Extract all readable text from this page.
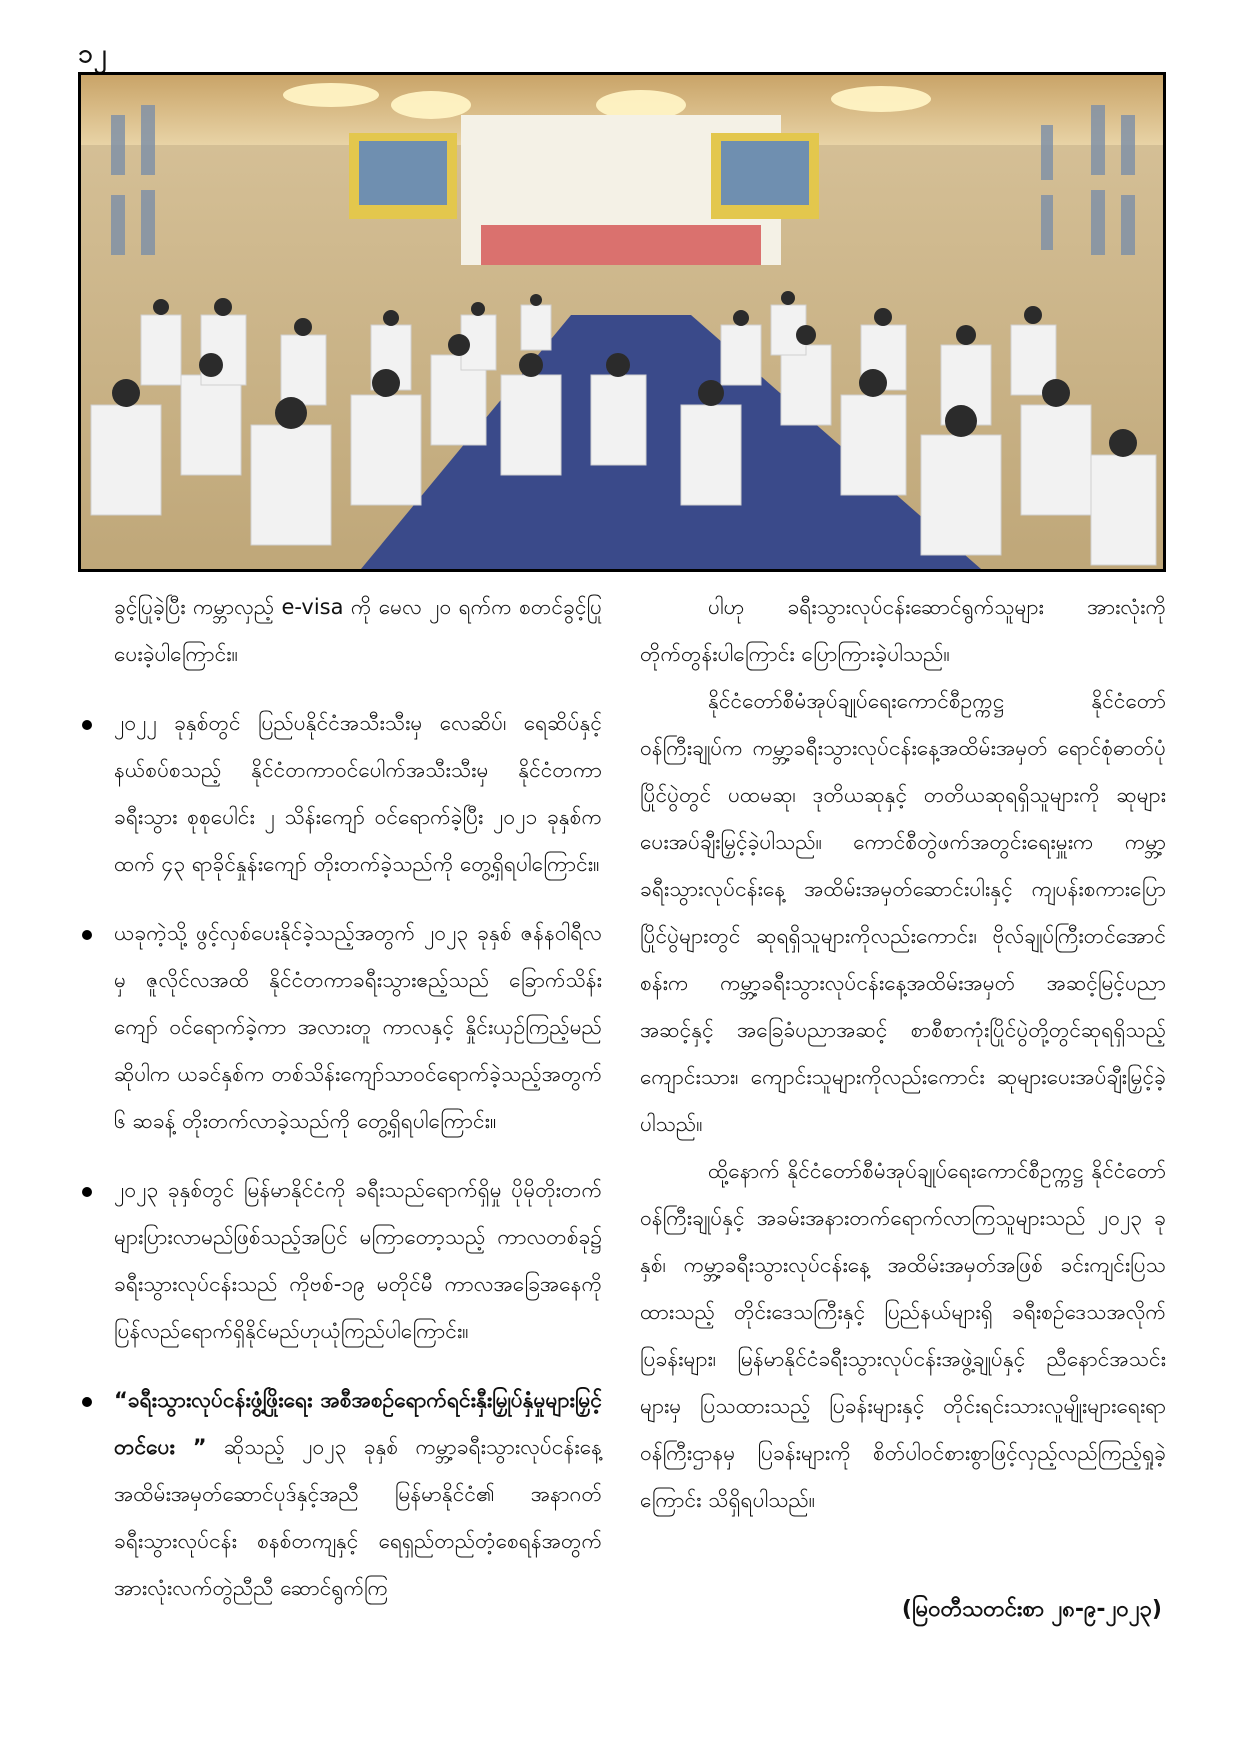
၁၂

ခွင့်ပြုခဲ့ပြီး ကမ္ဘာလှည့် e-visa ကို မေလ ၂၀ ရက်က စတင်ခွင့်ပြုပေးခဲ့ပါကြောင်း။

၂၀၂၂ ခုနှစ်တွင် ပြည်ပနိုင်ငံအသီးသီးမှ လေဆိပ်၊ ရေဆိပ်နှင့် နယ်စပ်စသည့် နိုင်ငံတကာဝင်ပေါက်အသီးသီးမှ နိုင်ငံတကာခရီးသွား စုစုပေါင်း ၂ သိန်းကျော် ဝင်ရောက်ခဲ့ပြီး ၂၀၂၁ ခုနှစ်ကထက် ၄၃ ရာခိုင်နှုန်းကျော် တိုးတက်ခဲ့သည်ကို တွေ့ရှိရပါကြောင်း။

ယခုကဲ့သို့ ဖွင့်လှစ်ပေးနိုင်ခဲ့သည့်အတွက် ၂၀၂၃ ခုနှစ် ဇန်နဝါရီလမှ ဇူလိုင်လအထိ နိုင်ငံတကာခရီးသွားဧည့်သည် ခြောက်သိန်းကျော် ဝင်ရောက်ခဲ့ကာ အလားတူ ကာလနှင့် နှိုင်းယှဉ်ကြည့်မည်ဆိုပါက ယခင်နှစ်က တစ်သိန်းကျော်သာဝင်ရောက်ခဲ့သည့်အတွက် ၆ ဆခန့် တိုးတက်လာခဲ့သည်ကို တွေ့ရှိရပါကြောင်း။

၂၀၂၃ ခုနှစ်တွင် မြန်မာနိုင်ငံကို ခရီးသည်ရောက်ရှိမှု ပိုမိုတိုးတက်များပြားလာမည်ဖြစ်သည့်အပြင် မကြာတော့သည့် ကာလတစ်ခု၌ ခရီးသွားလုပ်ငန်းသည် ကိုဗစ်-၁၉ မတိုင်မီ ကာလအခြေအနေကို ပြန်လည်ရောက်ရှိနိုင်မည်ဟုယုံကြည်ပါကြောင်း။

“ခရီးသွားလုပ်ငန်းဖွံ့ဖြိုးရေး အစီအစဉ်ရောက်ရင်းနှီးမြှုပ်နှံမှုများမြှင့်တင်ပေး ” ဆိုသည့် ၂၀၂၃ ခုနှစ် ကမ္ဘာ့ခရီးသွားလုပ်ငန်းနေ့ အထိမ်းအမှတ်ဆောင်ပုဒ်နှင့်အညီ မြန်မာနိုင်ငံ၏ အနာဂတ်ခရီးသွားလုပ်ငန်း စနစ်တကျနှင့် ရေရှည်တည်တံ့စေရန်အတွက် အားလုံးလက်တွဲညီညီ ဆောင်ရွက်ကြ

ပါဟု ခရီးသွားလုပ်ငန်းဆောင်ရွက်သူများ အားလုံးကို တိုက်တွန်းပါကြောင်း ပြောကြားခဲ့ပါသည်။

နိုင်ငံတော်စီမံအုပ်ချုပ်ရေးကောင်စီဥက္ကဋ္ဌ နိုင်ငံတော်ဝန်ကြီးချုပ်က ကမ္ဘာ့ခရီးသွားလုပ်ငန်းနေ့အထိမ်းအမှတ် ရောင်စုံဓာတ်ပုံပြိုင်ပွဲတွင် ပထမဆု၊ ဒုတိယဆုနှင့် တတိယဆုရရှိသူများကို ဆုများပေးအပ်ချီးမြှင့်ခဲ့ပါသည်။ ကောင်စီတွဲဖက်အတွင်းရေးမှူးက ကမ္ဘာ့ခရီးသွားလုပ်ငန်းနေ့ အထိမ်းအမှတ်ဆောင်းပါးနှင့် ကျပန်းစကားပြောပြိုင်ပွဲများတွင် ဆုရရှိသူများကိုလည်းကောင်း၊ ဗိုလ်ချုပ်ကြီးတင်အောင်စန်းက ကမ္ဘာ့ခရီးသွားလုပ်ငန်းနေ့အထိမ်းအမှတ် အဆင့်မြင့်ပညာအဆင့်နှင့် အခြေခံပညာအဆင့် စာစီစာကုံးပြိုင်ပွဲတို့တွင်ဆုရရှိသည့် ကျောင်းသား၊ ကျောင်းသူများကိုလည်းကောင်း ဆုများပေးအပ်ချီးမြှင့်ခဲ့ပါသည်။

ထို့နောက် နိုင်ငံတော်စီမံအုပ်ချုပ်ရေးကောင်စီဥက္ကဋ္ဌ နိုင်ငံတော်ဝန်ကြီးချုပ်နှင့် အခမ်းအနားတက်ရောက်လာကြသူများသည် ၂၀၂၃ ခုနှစ်၊ ကမ္ဘာ့ခရီးသွားလုပ်ငန်းနေ့ အထိမ်းအမှတ်အဖြစ် ခင်းကျင်းပြသထားသည့် တိုင်းဒေသကြီးနှင့် ပြည်နယ်များရှိ ခရီးစဉ်ဒေသအလိုက် ပြခန်းများ၊ မြန်မာနိုင်ငံခရီးသွားလုပ်ငန်းအဖွဲ့ချုပ်နှင့် ညီနောင်အသင်းများမှ ပြသထားသည့် ပြခန်းများနှင့် တိုင်းရင်းသားလူမျိုးများရေးရာဝန်ကြီးဌာနမှ ပြခန်းများကို စိတ်ပါဝင်စားစွာဖြင့်လှည့်လည်ကြည့်ရှုခဲ့ကြောင်း သိရှိရပါသည်။

(မြဝတီသတင်းစာ ၂၈-၉-၂၀၂၃)
